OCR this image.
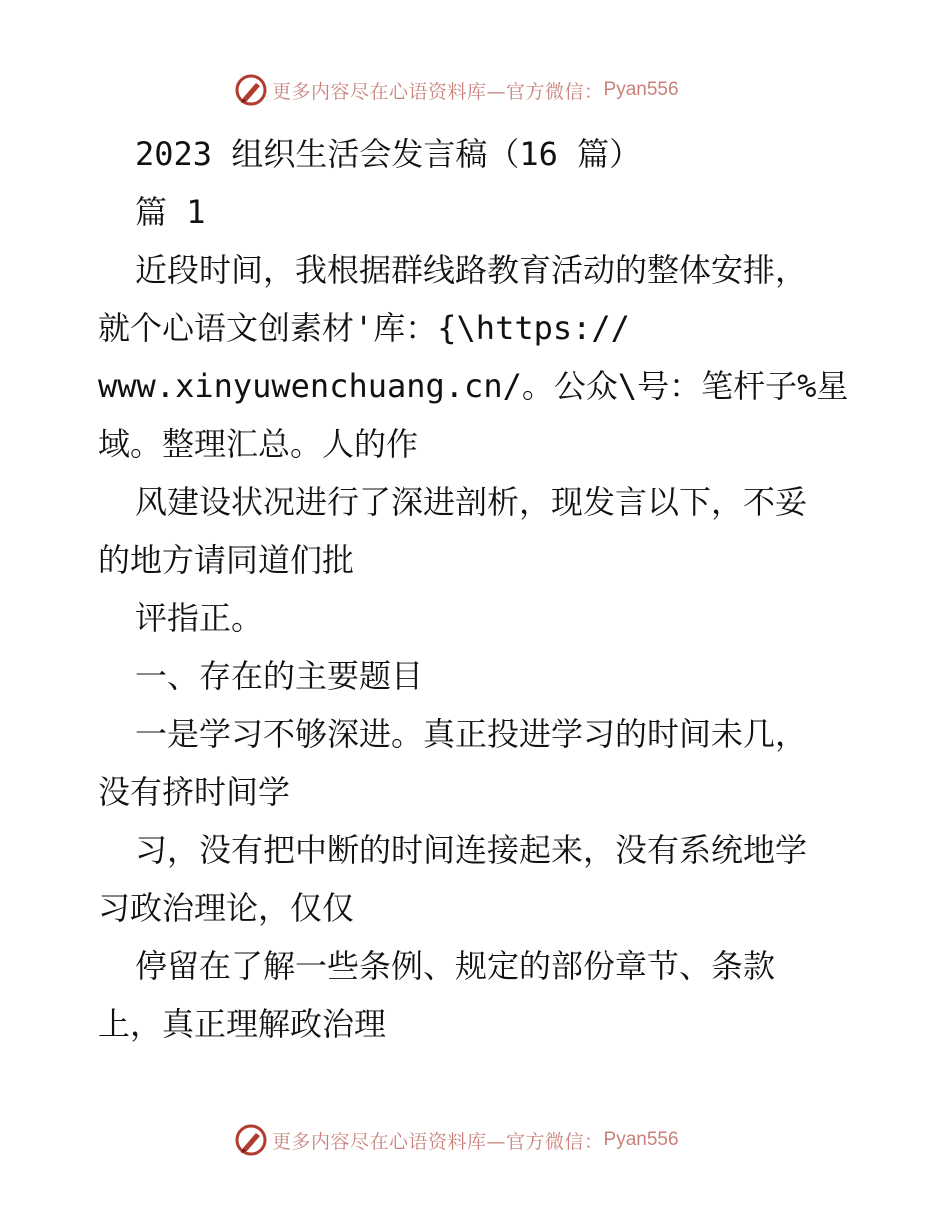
更多内容尽在心语资料库—官方微信： Pyan556
2023 组织生活会发言稿（16 篇）
篇 1
近段时间，我根据群线路教育活动的整体安排，
就个心语文创素材'库：{\https://
www.xinyuwenchuang.cn/。公众\号：笔杆子%星
域。整理汇总。人的作
风建设状况进行了深进剖析，现发言以下，不妥
的地方请同道们批
评指正。
一、存在的主要题目
一是学习不够深进。真正投进学习的时间未几，
没有挤时间学
习，没有把中断的时间连接起来，没有系统地学
习政治理论，仅仅
停留在了解一些条例、规定的部份章节、条款
上，真正理解政治理
更多内容尽在心语资料库—官方微信： Pyan556
